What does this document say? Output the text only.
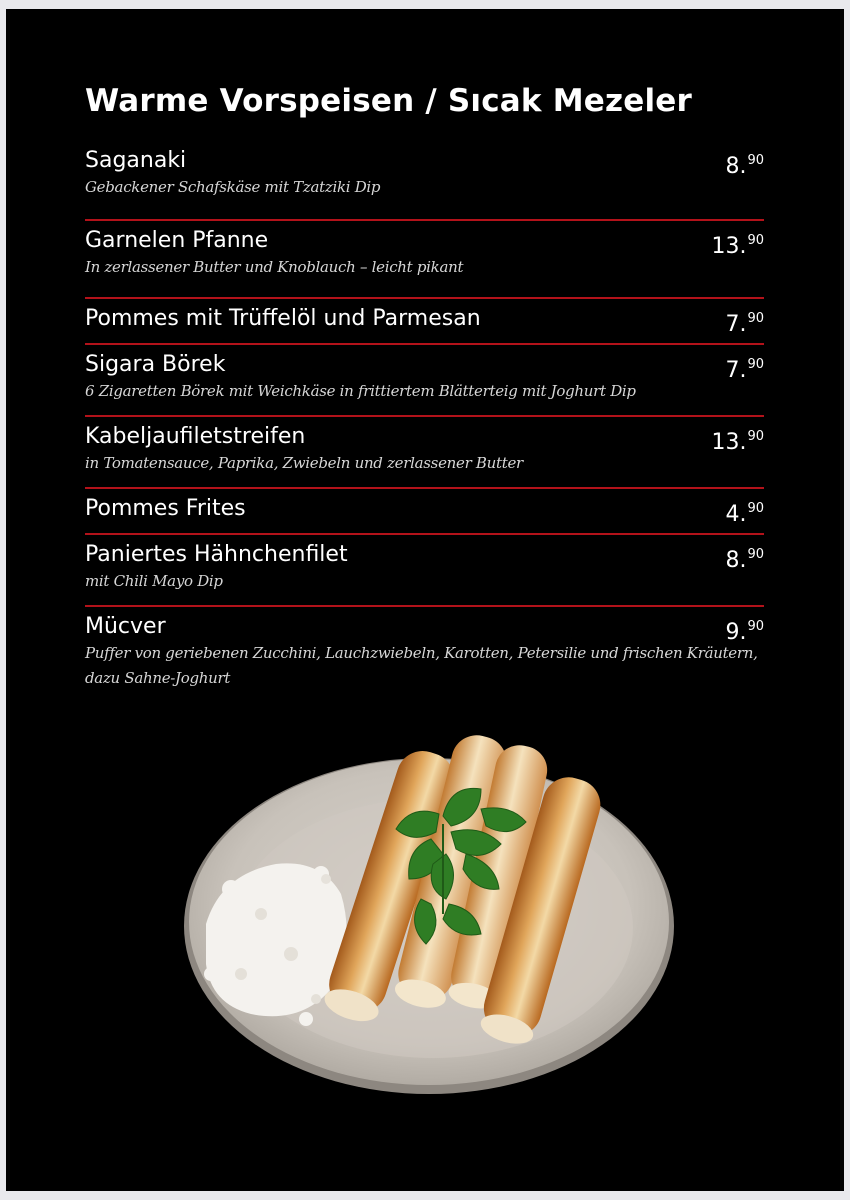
Warme Vorspeisen / Sıcak Mezeler
Saganaki
Gebackener Schafskäse mit Tzatziki Dip
8.90
Garnelen Pfanne
In zerlassener Butter und Knoblauch – leicht pikant
13.90
Pommes mit Trüffelöl und Parmesan	7.90
Sigara Börek
6 Zigaretten Börek mit Weichkäse in frittiertem Blätterteig mit Joghurt Dip
7.90
Kabeljaufiletstreifen
in Tomatensauce, Paprika, Zwiebeln und zerlassener Butter
13.90
Pommes Frites	4.90
Paniertes Hähnchenfilet
mit Chili Mayo Dip
8.90
Mücver
Puffer von geriebenen Zucchini, Lauchzwiebeln, Karotten, Petersilie und frischen Kräutern, dazu Sahne-Joghurt
9.90
